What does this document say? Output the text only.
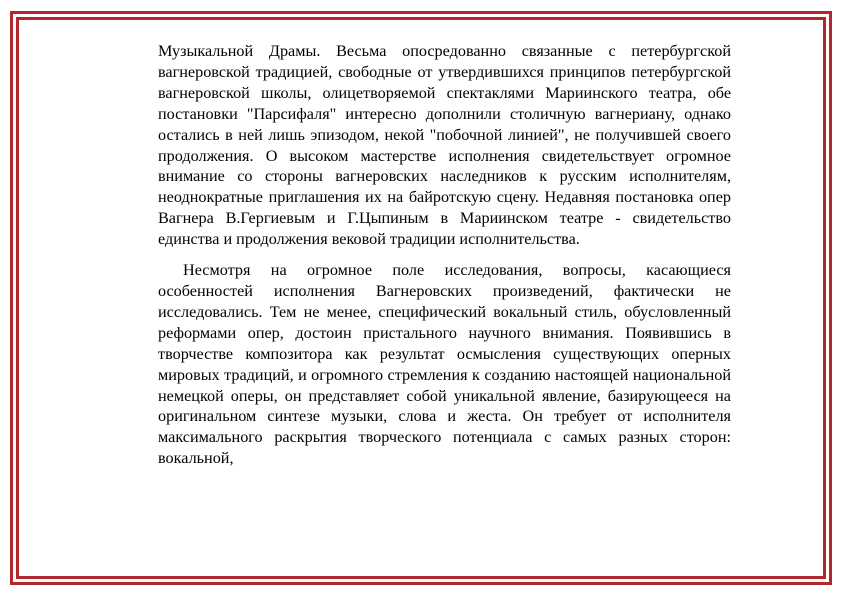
Музыкальной Драмы. Весьма опосредованно связанные с петербургской вагнеровской традицией, свободные от утвердившихся принципов петербургской вагнеровской школы, олицетворяемой спектаклями Мариинского театра, обе постановки "Парсифаля" интересно дополнили столичную вагнериану, однако остались в ней лишь эпизодом, некой "побочной линией", не получившей своего продолжения. О высоком мастерстве исполнения свидетельствует огромное внимание со стороны вагнеровских наследников к русским исполнителям, неоднократные приглашения их на байротскую сцену. Недавняя постановка опер Вагнера В.Гергиевым и Г.Цыпиным в Мариинском театре - свидетельство единства и продолжения вековой традиции исполнительства.

Несмотря на огромное поле исследования, вопросы, касающиеся особенностей исполнения Вагнеровских произведений, фактически не исследовались. Тем не менее, специфический вокальный стиль, обусловленный реформами опер, достоин пристального научного внимания. Появившись в творчестве композитора как результат осмысления существующих оперных мировых традиций, и огромного стремления к созданию настоящей национальной немецкой оперы, он представляет собой уникальной явление, базирующееся на оригинальном синтезе музыки, слова и жеста. Он требует от исполнителя максимального раскрытия творческого потенциала с самых разных сторон: вокальной,
